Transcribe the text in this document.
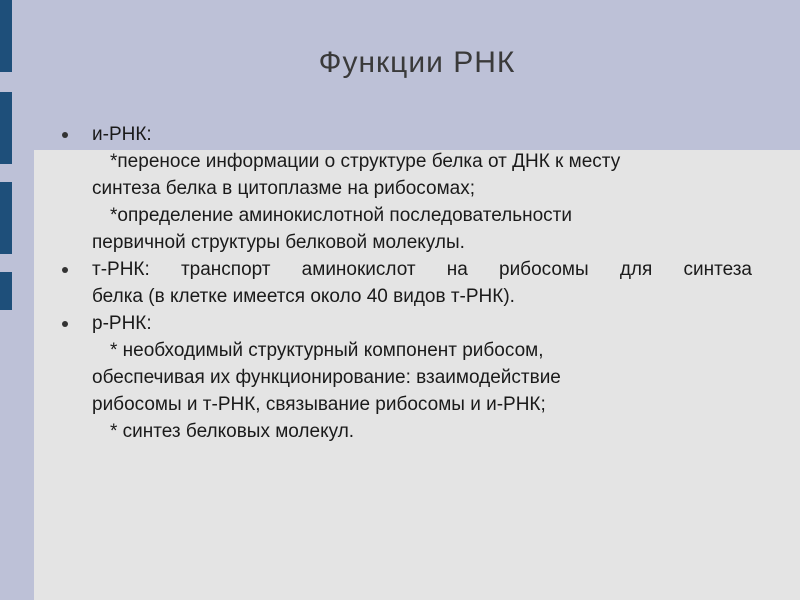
Функции РНК
и-РНК:
*переносе информации о структуре белка от ДНК к месту
синтеза белка в цитоплазме на рибосомах;
*определение аминокислотной последовательности
первичной структуры белковой молекулы.
т-РНК: транспорт аминокислот на рибосомы для синтеза
белка (в клетке имеется около 40 видов т-РНК).
р-РНК:
* необходимый структурный компонент рибосом,
обеспечивая их функционирование: взаимодействие
рибосомы и т-РНК, связывание рибосомы и и-РНК;
* синтез белковых молекул.
